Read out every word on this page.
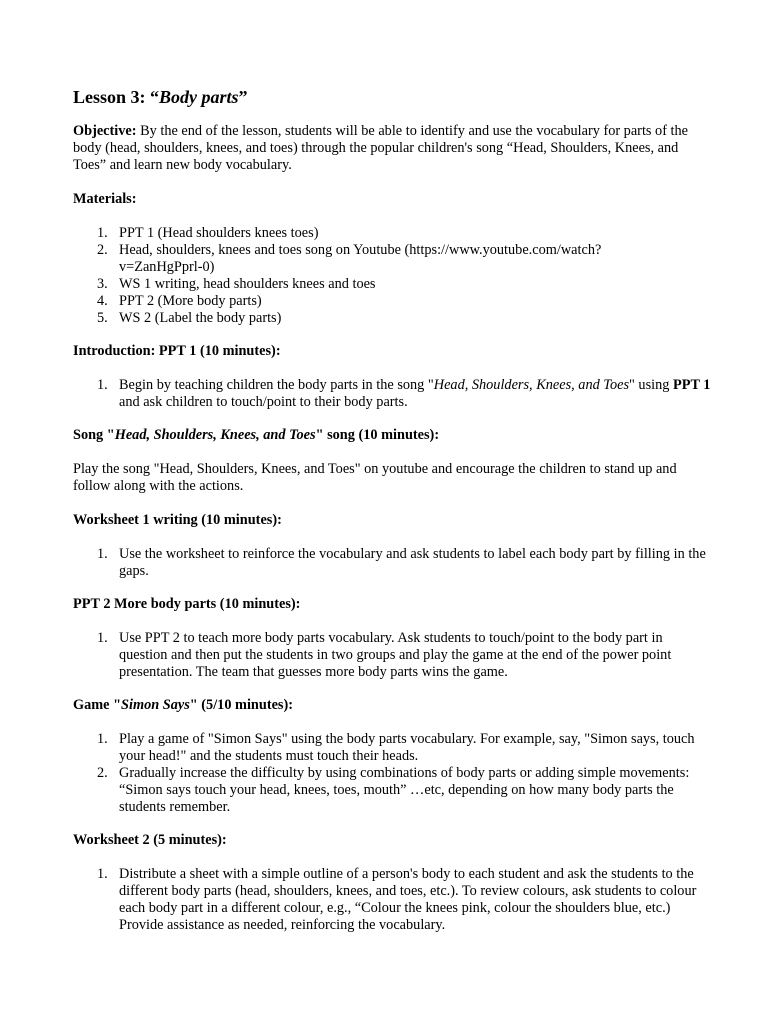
Lesson 3: “Body parts”

Objective: By the end of the lesson, students will be able to identify and use the vocabulary for parts of the body (head, shoulders, knees, and toes) through the popular children's song “Head, Shoulders, Knees, and Toes” and learn new body vocabulary.

Materials:
1. PPT 1 (Head shoulders knees toes)
2. Head, shoulders, knees and toes song on Youtube (https://www.youtube.com/watch?v=ZanHgPprl-0)
3. WS 1 writing, head shoulders knees and toes
4. PPT 2 (More body parts)
5. WS 2 (Label the body parts)
Introduction: PPT 1 (10 minutes):
1. Begin by teaching children the body parts in the song "Head, Shoulders, Knees, and Toes" using PPT 1 and ask children to touch/point to their body parts.
Song "Head, Shoulders, Knees, and Toes" song (10 minutes):

Play the song "Head, Shoulders, Knees, and Toes" on youtube and encourage the children to stand up and follow along with the actions.

Worksheet 1 writing (10 minutes):
1. Use the worksheet to reinforce the vocabulary and ask students to label each body part by filling in the gaps.
PPT 2 More body parts (10 minutes):
1. Use PPT 2 to teach more body parts vocabulary. Ask students to touch/point to the body part in question and then put the students in two groups and play the game at the end of the power point presentation. The team that guesses more body parts wins the game.
Game "Simon Says" (5/10 minutes):
1. Play a game of "Simon Says" using the body parts vocabulary. For example, say, "Simon says, touch your head!" and the students must touch their heads.
2. Gradually increase the difficulty by using combinations of body parts or adding simple movements: “Simon says touch your head, knees, toes, mouth” …etc, depending on how many body parts the students remember.
Worksheet 2 (5 minutes):
1. Distribute a sheet with a simple outline of a person's body to each student and ask the students to the different body parts (head, shoulders, knees, and toes, etc.). To review colours, ask students to colour each body part in a different colour, e.g., “Colour the knees pink, colour the shoulders blue, etc.) Provide assistance as needed, reinforcing the vocabulary.
